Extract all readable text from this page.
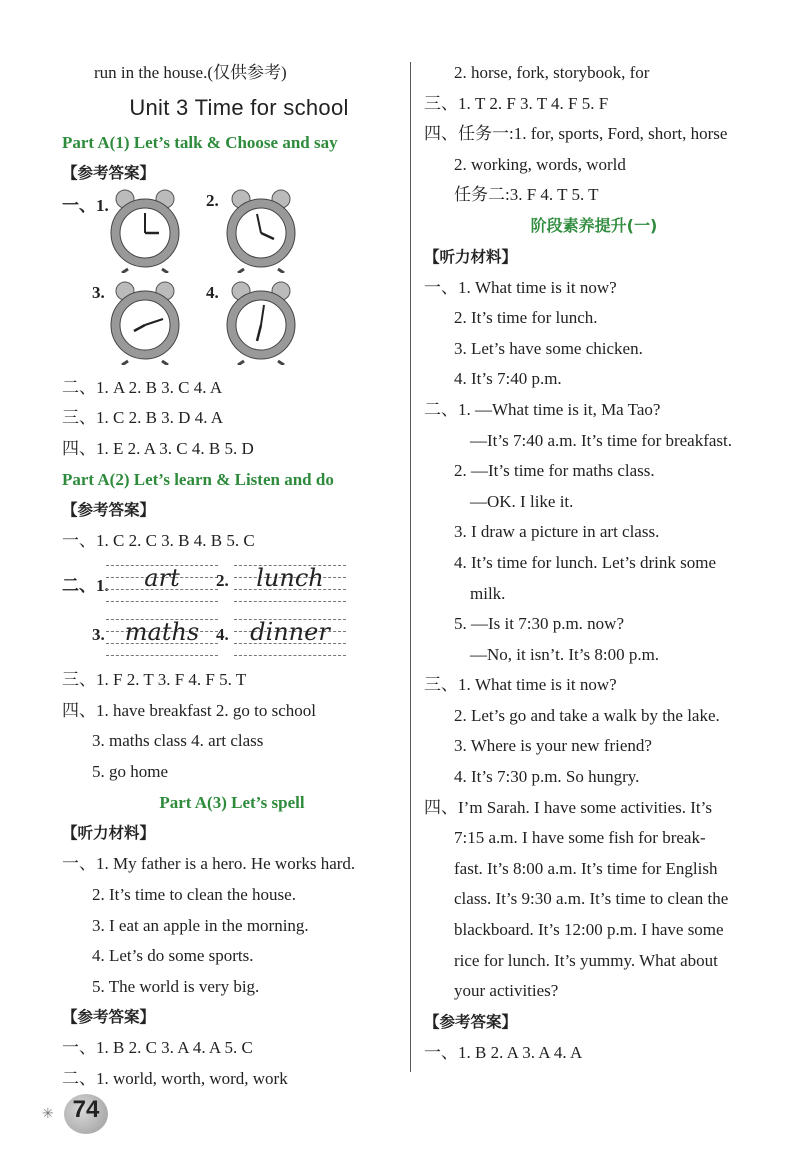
run in the house.(仅供参考)
Unit 3 Time for school
Part A(1) Let’s talk & Choose and say
【参考答案】
一、1.	2.
3.	4.
二、1. A 2. B 3. C 4. A
三、1. C 2. B 3. D 4. A
四、1. E 2. A 3. C 4. B 5. D
Part A(2) Let’s learn & Listen and do
【参考答案】
一、1. C 2. C 3. B 4. B 5. C
二、1.	art	2.	lunch
3. maths 4. dinner
三、1. F 2. T 3. F 4. F 5. T
四、1. have breakfast 2. go to school
3. maths class 4. art class
5. go home
Part A(3) Let’s spell
【听力材料】
一、1. My father is a hero. He works hard.
2. It’s time to clean the house.
3. I eat an apple in the morning.
4. Let’s do some sports.
5. The world is very big.
【参考答案】
一、1. B 2. C 3. A 4. A 5. C
二、1. world, worth, word, work
2. horse, fork, storybook, for
三、1. T 2. F 3. T 4. F 5. F
四、任务一:1. for, sports, Ford, short, horse
2. working, words, world
任务二:3. F 4. T 5. T
阶段素养提升(一)
【听力材料】
一、1. What time is it now?
2. It’s time for lunch.
3. Let’s have some chicken.
4. It’s 7:40 p.m.
二、1. —What time is it, Ma Tao?
—It’s 7:40 a.m. It’s time for breakfast.
2. —It’s time for maths class.
—OK. I like it.
3. I draw a picture in art class.
4. It’s time for lunch. Let’s drink some
milk.
5. —Is it 7:30 p.m. now?
—No, it isn’t. It’s 8:00 p.m.
三、1. What time is it now?
2. Let’s go and take a walk by the lake.
3. Where is your new friend?
4. It’s 7:30 p.m. So hungry.
四、I’m Sarah. I have some activities. It’s
7:15 a.m. I have some fish for break-
fast. It’s 8:00 a.m. It’s time for English
class. It’s 9:30 a.m. It’s time to clean the
blackboard. It’s 12:00 p.m. I have some
rice for lunch. It’s yummy. What about
your activities?
【参考答案】
一、1. B 2. A 3. A 4. A
✳ 74
